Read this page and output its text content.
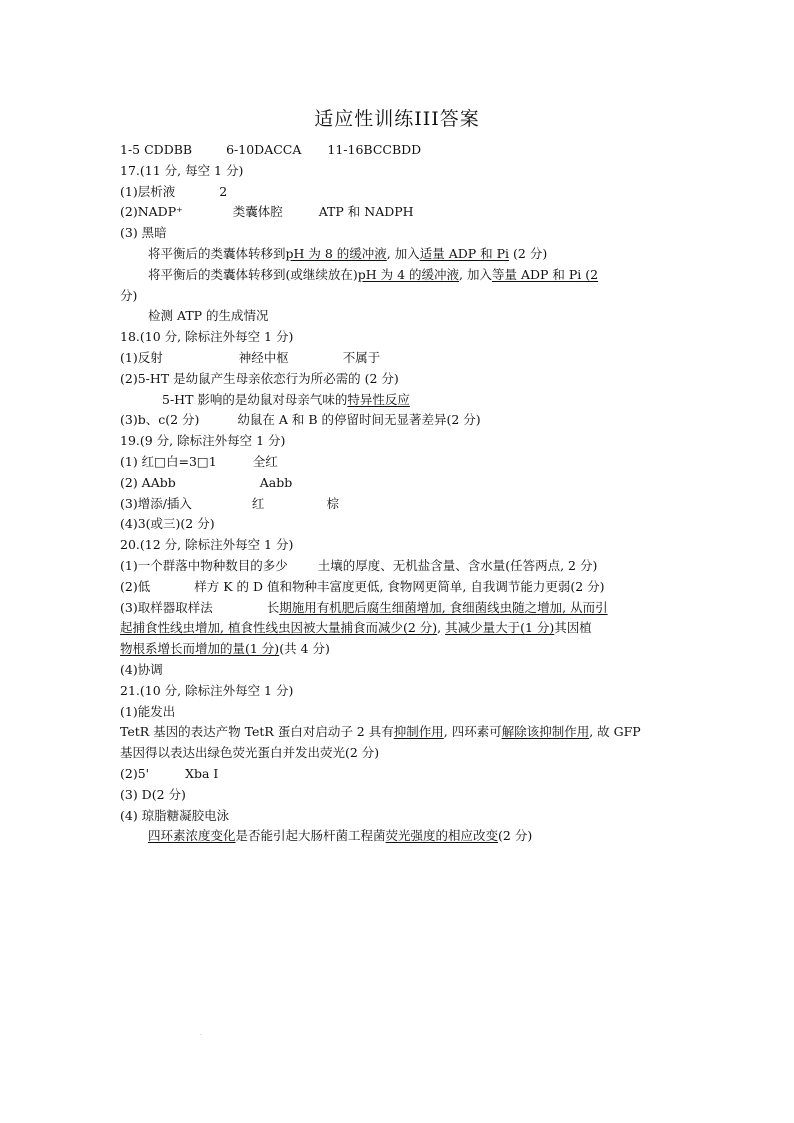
适应性训练III答案
1-5 CDDBB	6-10DACCA 11-16BCCBDD
17.(11 分, 每空 1 分)
(1)层析液	2
(2)NADP⁺	类囊体腔	ATP 和 NADPH
(3) 黑暗
将平衡后的类囊体转移到pH 为 8 的缓冲液, 加入适量 ADP 和 Pi (2 分)
将平衡后的类囊体转移到(或继续放在)pH 为 4 的缓冲液, 加入等量 ADP 和 Pi (2
分)
检测 ATP 的生成情况
18.(10 分, 除标注外每空 1 分)
(1)反射	神经中枢	不属于
(2)5-HT 是幼鼠产生母亲依恋行为所必需的 (2 分)
5-HT 影响的是幼鼠对母亲气味的特异性反应
(3)b、c(2 分)	幼鼠在 A 和 B 的停留时间无显著差异(2 分)
19.(9 分, 除标注外每空 1 分)
(1) 红□白=3□1	全红
(2) AAbb	Aabb
(3)增添/插入	红	棕
(4)3(或三)(2 分)
20.(12 分, 除标注外每空 1 分)
(1)一个群落中物种数目的多少 土壤的厚度、无机盐含量、含水量(任答两点, 2 分)
(2)低	样方 K 的 D 值和物种丰富度更低, 食物网更简单, 自我调节能力更弱(2 分)
(3)取样器取样法	长期施用有机肥后腐生细菌增加, 食细菌线虫随之增加, 从而引
起捕食性线虫增加, 植食性线虫因被大量捕食而减少(2 分), 其减少量大于(1 分)其因植
物根系增长而增加的量(1 分)(共 4 分)
(4)协调
21.(10 分, 除标注外每空 1 分)
(1)能发出
TetR 基因的表达产物 TetR 蛋白对启动子 2 具有抑制作用, 四环素可解除该抑制作用, 故 GFP
基因得以表达出绿色荧光蛋白并发出荧光(2 分)
(2)5'	Xba I
(3) D(2 分)
(4) 琼脂糖凝胶电泳
四环素浓度变化是否能引起大肠杆菌工程菌荧光强度的相应改变(2 分)
.
